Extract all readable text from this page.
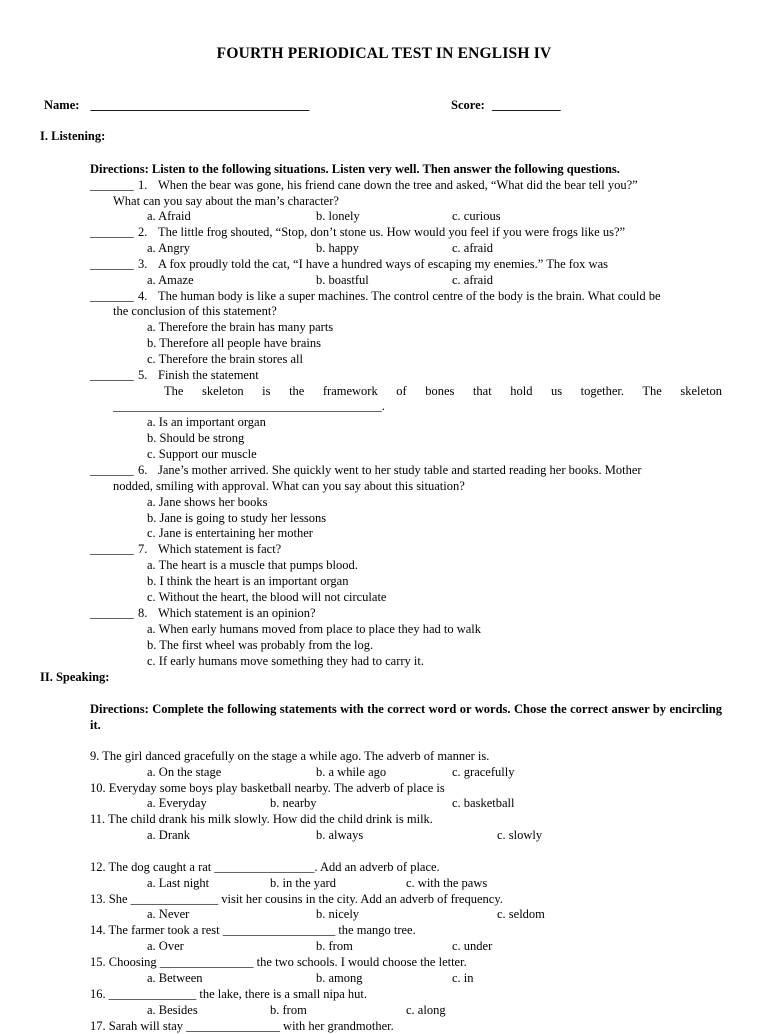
FOURTH PERIODICAL TEST IN ENGLISH IV
Name: ___________________________________	Score: ___________
I. Listening:
Directions: Listen to the following situations. Listen very well. Then answer the following questions.
_______ 1. When the bear was gone, his friend cane down the tree and asked, “What did the bear tell you?”
What can you say about the man’s character?
a. Afraid	b. lonely	c. curious
_______ 2. The little frog shouted, “Stop, don’t stone us. How would you feel if you were frogs like us?”
a. Angry	b. happy	c. afraid
_______ 3. A fox proudly told the cat, “I have a hundred ways of escaping my enemies.” The fox was
a. Amaze	b. boastful	c. afraid
_______ 4. The human body is like a super machines. The control centre of the body is the brain. What could be
the conclusion of this statement?
a. Therefore the brain has many parts
b. Therefore all people have brains
c. Therefore the brain stores all
_______ 5. Finish the statement
The skeleton is the framework of bones that hold us together. The skeleton
___________________________________________.
a. Is an important organ
b. Should be strong
c. Support our muscle
_______ 6. Jane’s mother arrived. She quickly went to her study table and started reading her books. Mother
nodded, smiling with approval. What can you say about this situation?
a. Jane shows her books
b. Jane is going to study her lessons
c. Jane is entertaining her mother
_______ 7. Which statement is fact?
a. The heart is a muscle that pumps blood.
b. I think the heart is an important organ
c. Without the heart, the blood will not circulate
_______ 8. Which statement is an opinion?
a. When early humans moved from place to place they had to walk
b. The first wheel was probably from the log.
c. If early humans move something they had to carry it.
II. Speaking:
Directions: Complete the following statements with the correct word or words. Chose the correct answer by encircling it.
9. The girl danced gracefully on the stage a while ago. The adverb of manner is.
a. On the stage	b. a while ago	c. gracefully
10. Everyday some boys play basketball nearby. The adverb of place is
a. Everyday	b. nearby	c. basketball
11. The child drank his milk slowly. How did the child drink is milk.
a. Drank	b. always	c. slowly
12. The dog caught a rat ________________. Add an adverb of place.
a. Last night	b. in the yard	c. with the paws
13. She ______________ visit her cousins in the city. Add an adverb of frequency.
a. Never	b. nicely	c. seldom
14. The farmer took a rest __________________ the mango tree.
a. Over	b. from	c. under
15. Choosing _______________ the two schools. I would choose the letter.
a. Between	b. among	c. in
16. ______________ the lake, there is a small nipa hut.
a. Besides	b. from	c. along
17. Sarah will stay _______________ with her grandmother.
